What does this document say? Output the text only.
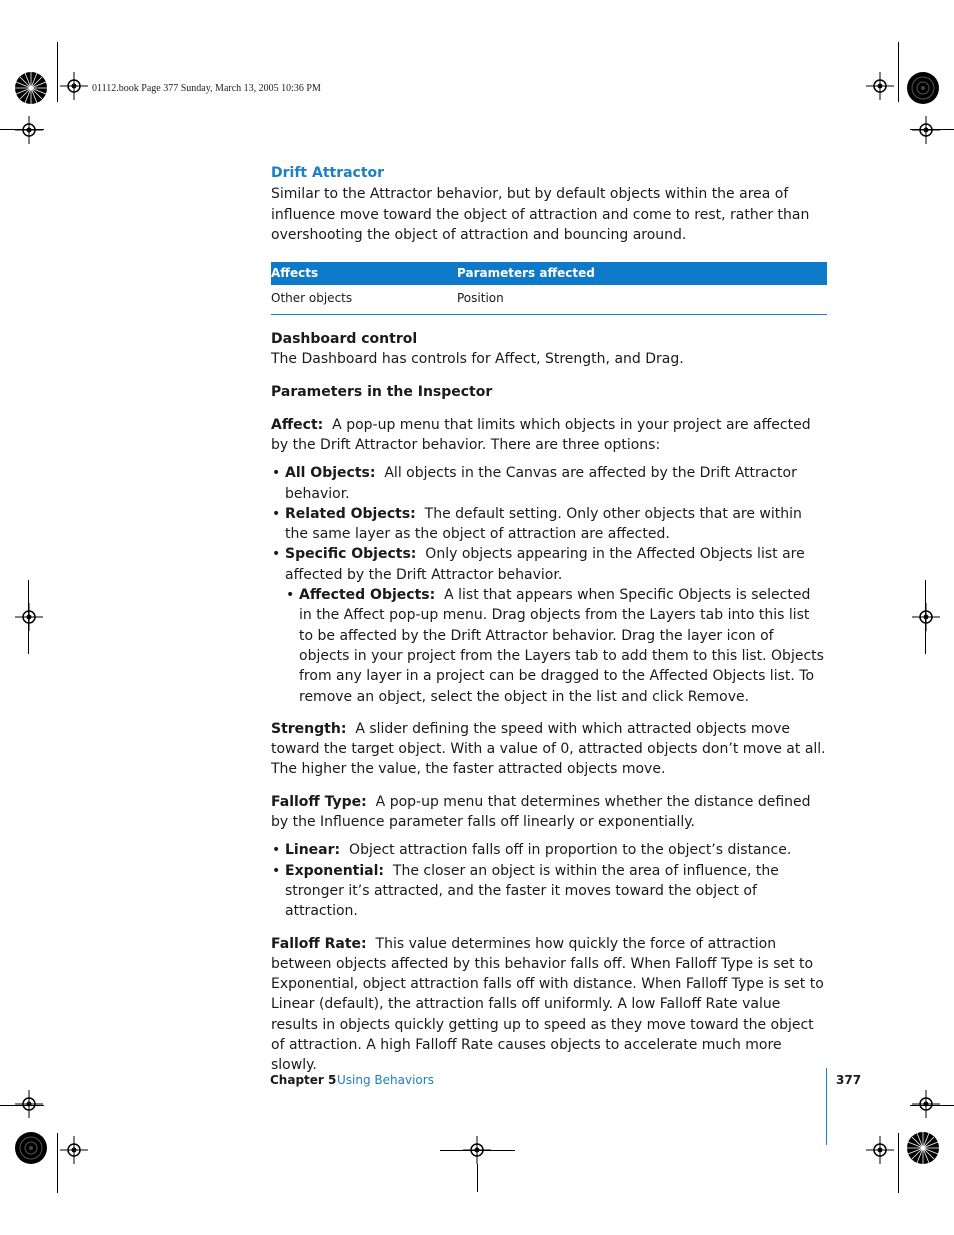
01112.book Page 377 Sunday, March 13, 2005 10:36 PM
Drift Attractor

Similar to the Attractor behavior, but by default objects within the area of influence move toward the object of attraction and come to rest, rather than overshooting the object of attraction and bouncing around.

Affects	Parameters affected
Other objects	Position
Dashboard control

The Dashboard has controls for Affect, Strength, and Drag.

Parameters in the Inspector

Affect: A pop-up menu that limits which objects in your project are affected by the Drift Attractor behavior. There are three options:

• All Objects: All objects in the Canvas are affected by the Drift Attractor behavior.
• Related Objects: The default setting. Only other objects that are within the same layer as the object of attraction are affected.
• Specific Objects: Only objects appearing in the Affected Objects list are affected by the Drift Attractor behavior.
• Affected Objects: A list that appears when Specific Objects is selected in the Affect pop-up menu. Drag objects from the Layers tab into this list to be affected by the Drift Attractor behavior. Drag the layer icon of objects in your project from the Layers tab to add them to this list. Objects from any layer in a project can be dragged to the Affected Objects list. To remove an object, select the object in the list and click Remove.

Strength: A slider defining the speed with which attracted objects move toward the target object. With a value of 0, attracted objects don’t move at all. The higher the value, the faster attracted objects move.

Falloff Type: A pop-up menu that determines whether the distance defined by the Influence parameter falls off linearly or exponentially.

• Linear: Object attraction falls off in proportion to the object’s distance.
• Exponential: The closer an object is within the area of influence, the stronger it’s attracted, and the faster it moves toward the object of attraction.

Falloff Rate: This value determines how quickly the force of attraction between objects affected by this behavior falls off. When Falloff Type is set to Exponential, object attraction falls off with distance. When Falloff Type is set to Linear (default), the attraction falls off uniformly. A low Falloff Rate value results in objects quickly getting up to speed as they move toward the object of attraction. A high Falloff Rate causes objects to accelerate much more slowly.

Chapter 5 Using Behaviors	377
